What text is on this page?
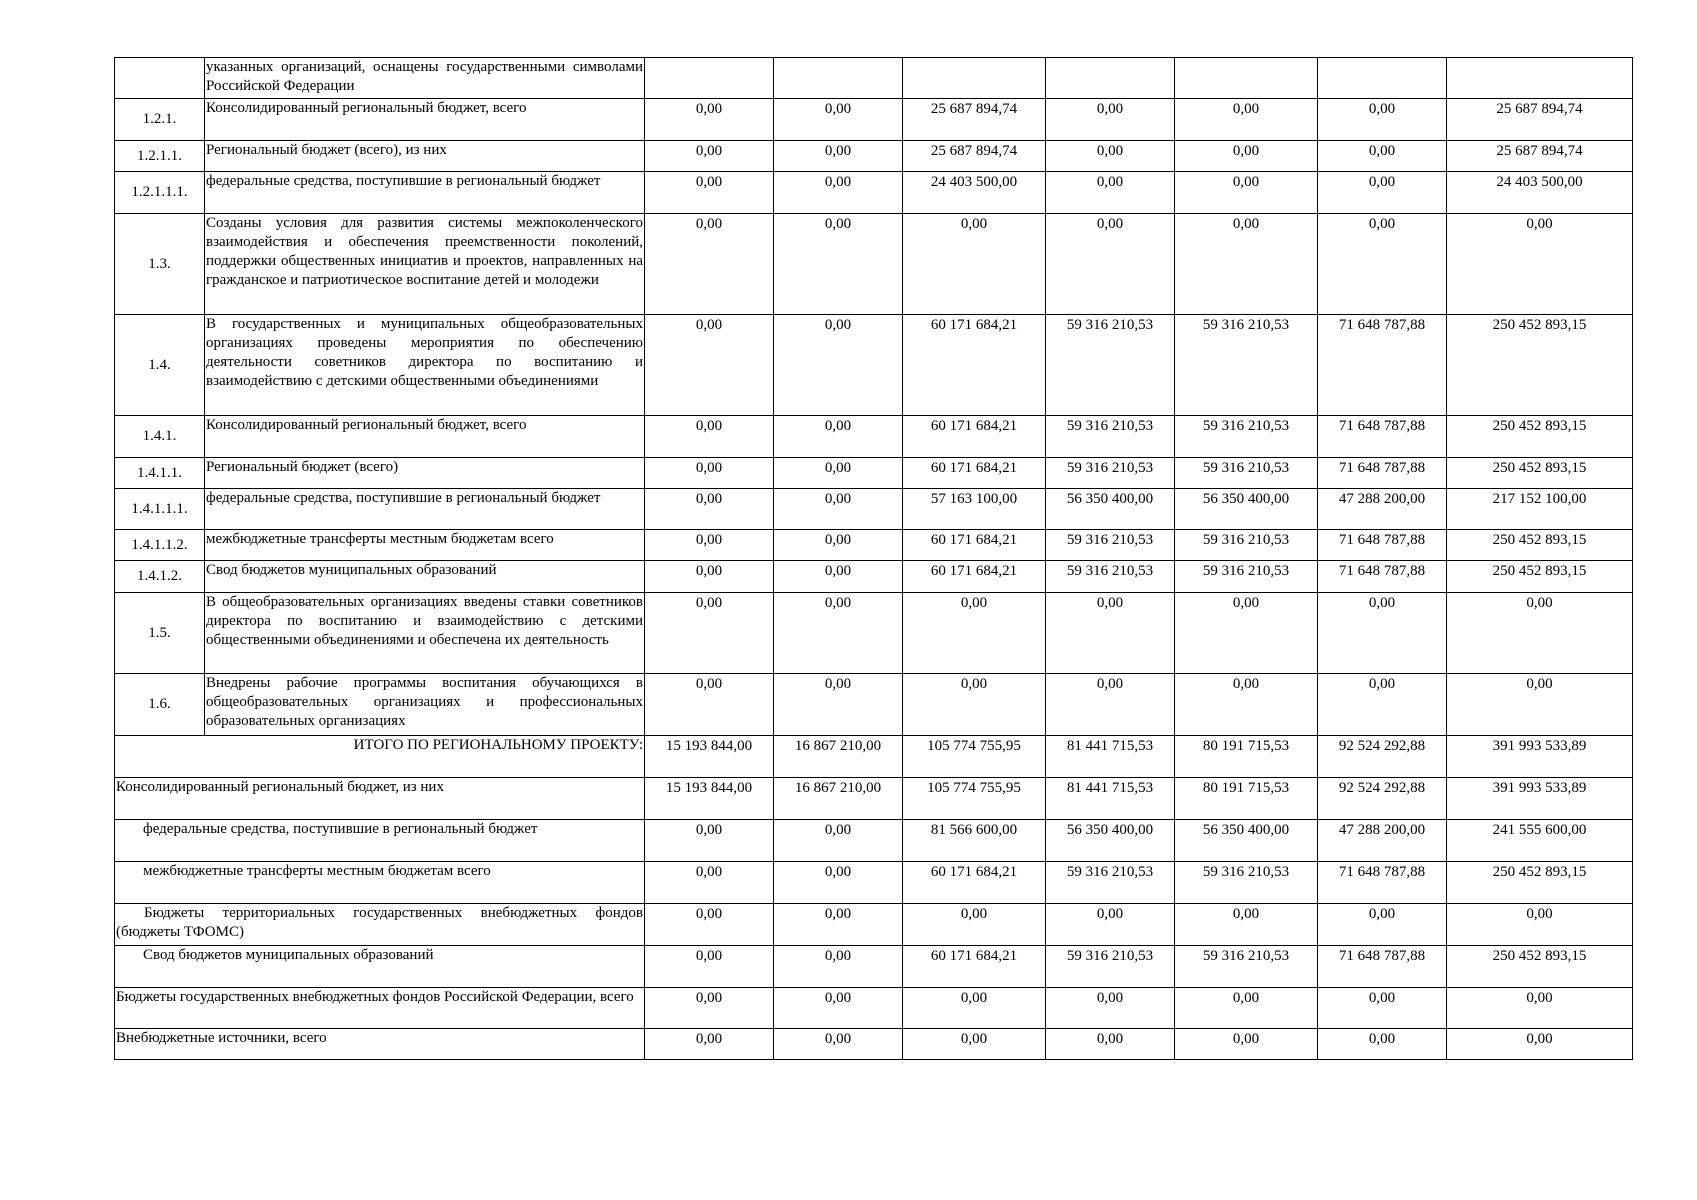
	указанных организаций, оснащены государственными символами Российской Федерации							
1.2.1.	Консолидированный региональный бюджет, всего	0,00	0,00	25 687 894,74	0,00	0,00	0,00	25 687 894,74
1.2.1.1.	Региональный бюджет (всего), из них	0,00	0,00	25 687 894,74	0,00	0,00	0,00	25 687 894,74
1.2.1.1.1.	федеральные средства, поступившие в региональный бюджет	0,00	0,00	24 403 500,00	0,00	0,00	0,00	24 403 500,00
1.3.	Созданы условия для развития системы межпоколенческого взаимодействия и обеспечения преемственности поколений, поддержки общественных инициатив и проектов, направленных на гражданское и патриотическое воспитание детей и молодежи	0,00	0,00	0,00	0,00	0,00	0,00	0,00
1.4.	В государственных и муниципальных общеобразовательных организациях проведены мероприятия по обеспечению деятельности советников директора по воспитанию и взаимодействию с детскими общественными объединениями	0,00	0,00	60 171 684,21	59 316 210,53	59 316 210,53	71 648 787,88	250 452 893,15
1.4.1.	Консолидированный региональный бюджет, всего	0,00	0,00	60 171 684,21	59 316 210,53	59 316 210,53	71 648 787,88	250 452 893,15
1.4.1.1.	Региональный бюджет (всего)	0,00	0,00	60 171 684,21	59 316 210,53	59 316 210,53	71 648 787,88	250 452 893,15
1.4.1.1.1.	федеральные средства, поступившие в региональный бюджет	0,00	0,00	57 163 100,00	56 350 400,00	56 350 400,00	47 288 200,00	217 152 100,00
1.4.1.1.2.	межбюджетные трансферты местным бюджетам всего	0,00	0,00	60 171 684,21	59 316 210,53	59 316 210,53	71 648 787,88	250 452 893,15
1.4.1.2.	Свод бюджетов муниципальных образований	0,00	0,00	60 171 684,21	59 316 210,53	59 316 210,53	71 648 787,88	250 452 893,15
1.5.	В общеобразовательных организациях введены ставки советников директора по воспитанию и взаимодействию с детскими общественными объединениями и обеспечена их деятельность	0,00	0,00	0,00	0,00	0,00	0,00	0,00
1.6.	Внедрены рабочие программы воспитания обучающихся в общеобразовательных организациях и профессиональных образовательных организациях	0,00	0,00	0,00	0,00	0,00	0,00	0,00
ИТОГО ПО РЕГИОНАЛЬНОМУ ПРОЕКТУ:		15 193 844,00	16 867 210,00	105 774 755,95	81 441 715,53	80 191 715,53	92 524 292,88	391 993 533,89
Консолидированный региональный бюджет, из них		15 193 844,00	16 867 210,00	105 774 755,95	81 441 715,53	80 191 715,53	92 524 292,88	391 993 533,89
федеральные средства, поступившие в региональный бюджет		0,00	0,00	81 566 600,00	56 350 400,00	56 350 400,00	47 288 200,00	241 555 600,00
межбюджетные трансферты местным бюджетам всего		0,00	0,00	60 171 684,21	59 316 210,53	59 316 210,53	71 648 787,88	250 452 893,15
Бюджеты территориальных государственных внебюджетных фондов (бюджеты ТФОМС)		0,00	0,00	0,00	0,00	0,00	0,00	0,00
Свод бюджетов муниципальных образований		0,00	0,00	60 171 684,21	59 316 210,53	59 316 210,53	71 648 787,88	250 452 893,15
Бюджеты государственных внебюджетных фондов Российской Федерации, всего		0,00	0,00	0,00	0,00	0,00	0,00	0,00
Внебюджетные источники, всего		0,00	0,00	0,00	0,00	0,00	0,00	0,00
